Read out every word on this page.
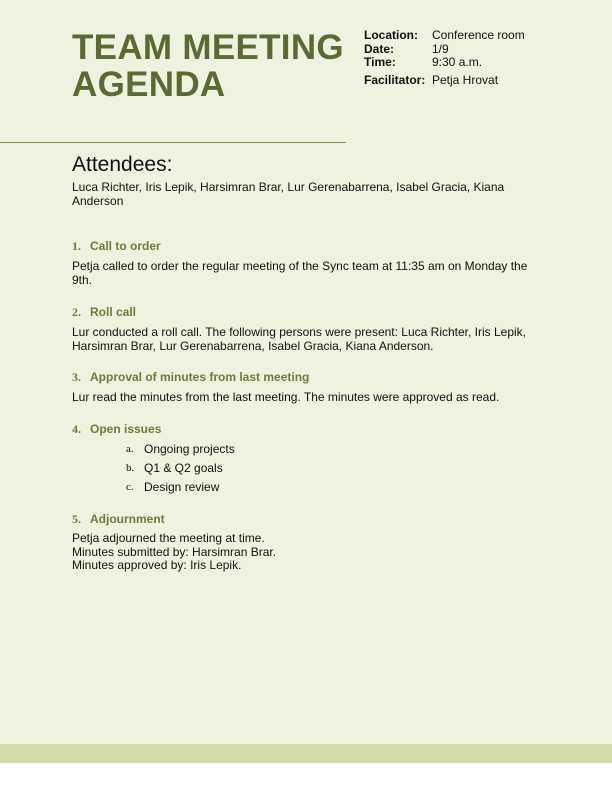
TEAM MEETING
AGENDA
Location:	Conference room
Date:	1/9
Time:	9:30 a.m.
Facilitator: Petja Hrovat
Attendees:
Luca Richter, Iris Lepik, Harsimran Brar, Lur Gerenabarrena, Isabel Gracia, Kiana Anderson
1. Call to order
Petja called to order the regular meeting of the Sync team at 11:35 am on Monday the 9th.
2. Roll call
Lur conducted a roll call. The following persons were present: Luca Richter, Iris Lepik, Harsimran Brar, Lur Gerenabarrena, Isabel Gracia, Kiana Anderson.
3. Approval of minutes from last meeting
Lur read the minutes from the last meeting. The minutes were approved as read.
4. Open issues
a. Ongoing projects
b. Q1 & Q2 goals
c. Design review
5. Adjournment
Petja adjourned the meeting at time.
Minutes submitted by: Harsimran Brar.
Minutes approved by: Iris Lepik.
